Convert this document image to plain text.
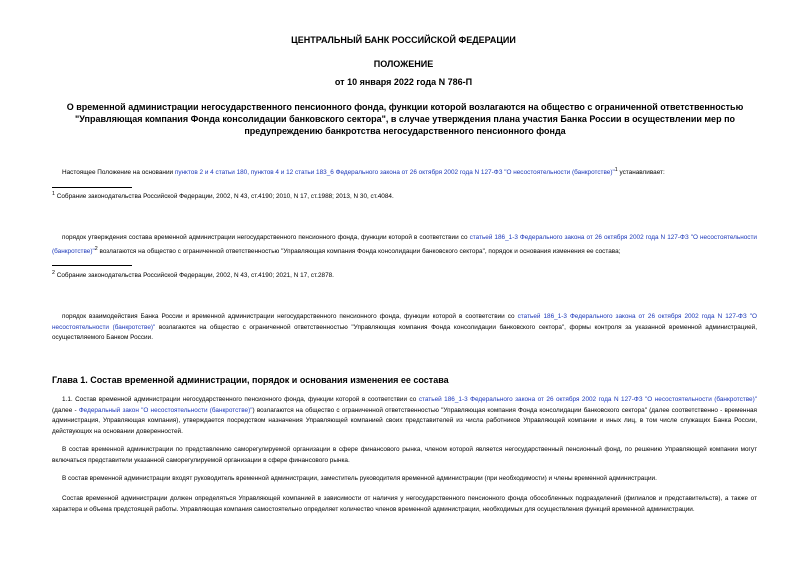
ЦЕНТРАЛЬНЫЙ БАНК РОССИЙСКОЙ ФЕДЕРАЦИИ
ПОЛОЖЕНИЕ
от 10 января 2022 года N 786-П
О временной администрации негосударственного пенсионного фонда, функции которой возлагаются на общество с ограниченной ответственностью "Управляющая компания Фонда консолидации банковского сектора", в случае утверждения плана участия Банка России в осуществлении мер по предупреждению банкротства негосударственного пенсионного фонда
Настоящее Положение на основании пунктов 2 и 4 статьи 180, пунктов 4 и 12 статьи 183_6 Федерального закона от 26 октября 2002 года N 127-ФЗ "О несостоятельности (банкротстве)"$^1$ устанавливает:
$^1$ Собрание законодательства Российской Федерации, 2002, N 43, ст.4190; 2010, N 17, ст.1988; 2013, N 30, ст.4084.
порядок утверждения состава временной администрации негосударственного пенсионного фонда, функции которой в соответствии со статьей 186_1-3 Федерального закона от 26 октября 2002 года N 127-ФЗ "О несостоятельности (банкротстве)"$^2$ возлагаются на общество с ограниченной ответственностью "Управляющая компания Фонда консолидации банковского сектора", порядок и основания изменения ее состава;
$^2$ Собрание законодательства Российской Федерации, 2002, N 43, ст.4190; 2021, N 17, ст.2878.
порядок взаимодействия Банка России и временной администрации негосударственного пенсионного фонда, функции которой в соответствии со статьей 186_1-3 Федерального закона от 26 октября 2002 года N 127-ФЗ "О несостоятельности (банкротстве)" возлагаются на общество с ограниченной ответственностью "Управляющая компания Фонда консолидации банковского сектора", формы контроля за указанной временной администрацией, осуществляемого Банком России.
Глава 1. Состав временной администрации, порядок и основания изменения ее состава
1.1. Состав временной администрации негосударственного пенсионного фонда, функции которой в соответствии со статьей 186_1-3 Федерального закона от 26 октября 2002 года N 127-ФЗ "О несостоятельности (банкротстве)" (далее - Федеральный закон "О несостоятельности (банкротстве)") возлагаются на общество с ограниченной ответственностью "Управляющая компания Фонда консолидации банковского сектора" (далее соответственно - временная администрация, Управляющая компания), утверждается посредством назначения Управляющей компанией своих представителей из числа работников Управляющей компании и иных лиц, в том числе служащих Банка России, действующих на основании доверенностей.
В состав временной администрации по представлению саморегулируемой организации в сфере финансового рынка, членом которой является негосударственный пенсионный фонд, по решению Управляющей компании могут включаться представители указанной саморегулируемой организации в сфере финансового рынка.
В состав временной администрации входят руководитель временной администрации, заместитель руководителя временной администрации (при необходимости) и члены временной администрации.
Состав временной администрации должен определяться Управляющей компанией в зависимости от наличия у негосударственного пенсионного фонда обособленных подразделений (филиалов и представительств), а также от характера и объема предстоящей работы. Управляющая компания самостоятельно определяет количество членов временной администрации, необходимых для осуществления функций временной администрации.
